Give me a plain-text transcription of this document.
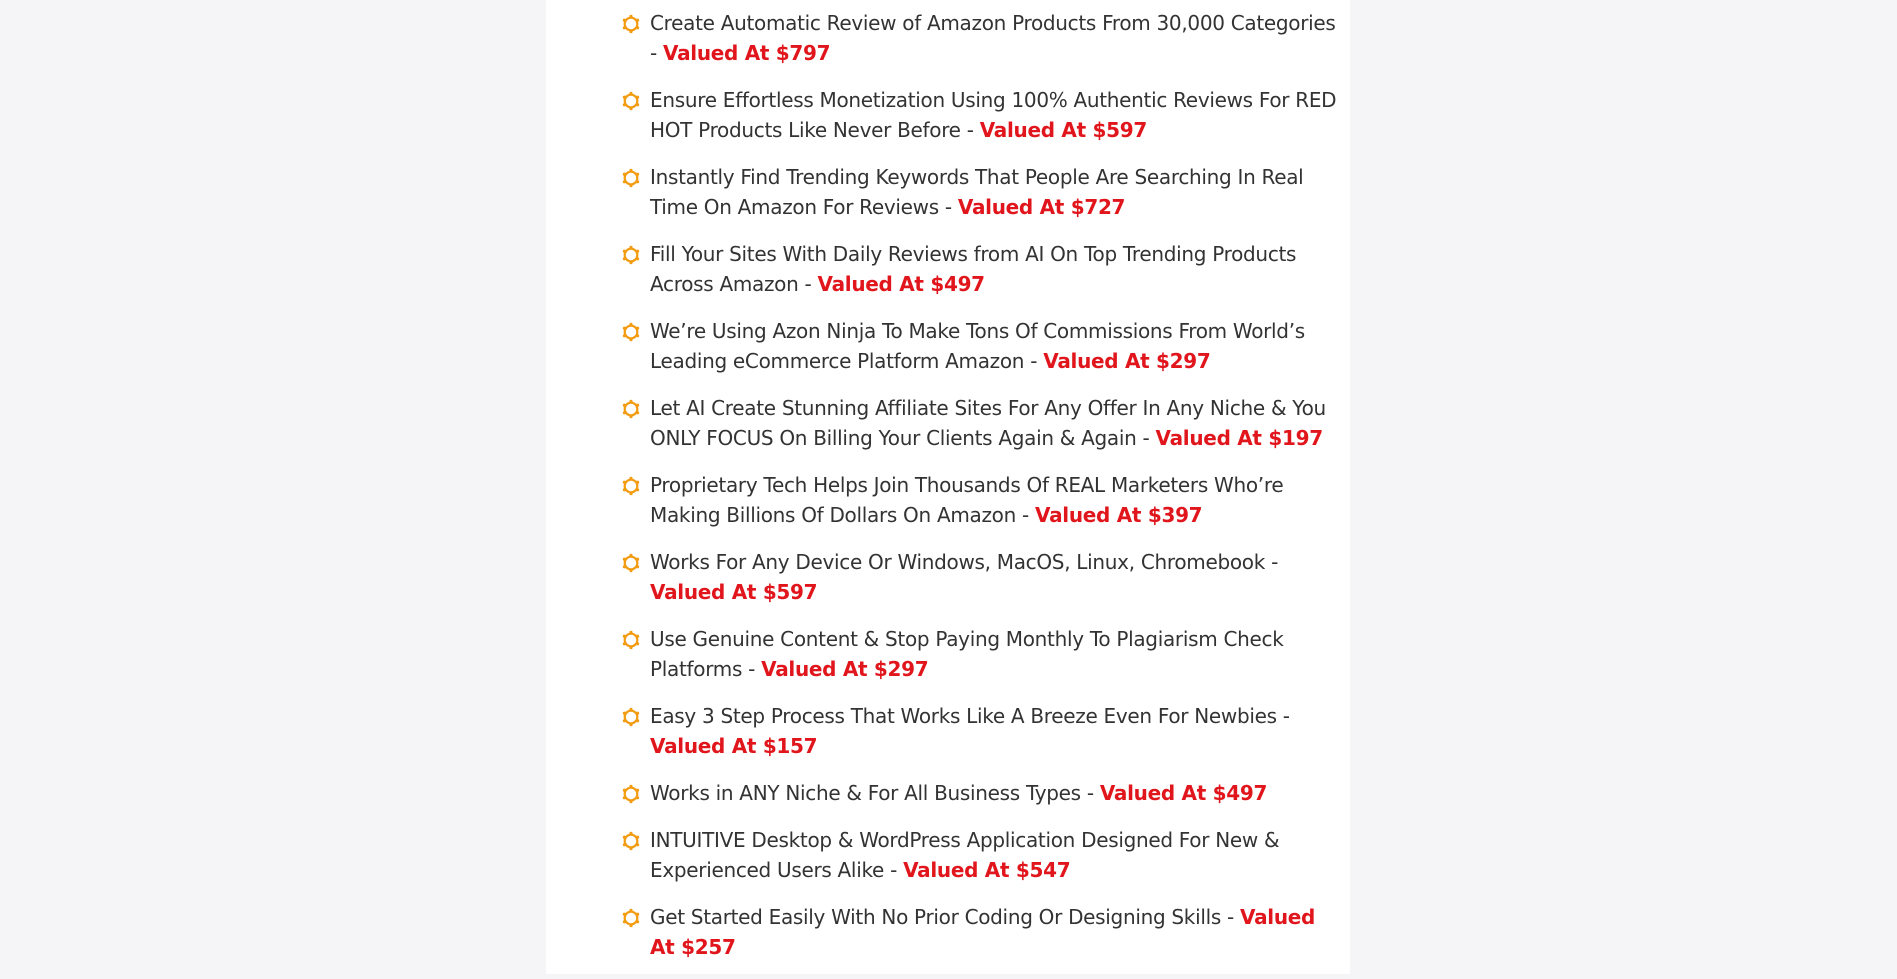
Create Automatic Review of Amazon Products From 30,000 Categories - Valued At $797
Ensure Effortless Monetization Using 100% Authentic Reviews For RED HOT Products Like Never Before - Valued At $597
Instantly Find Trending Keywords That People Are Searching In Real Time On Amazon For Reviews - Valued At $727
Fill Your Sites With Daily Reviews from AI On Top Trending Products Across Amazon - Valued At $497
We’re Using Azon Ninja To Make Tons Of Commissions From World’s Leading eCommerce Platform Amazon - Valued At $297
Let AI Create Stunning Affiliate Sites For Any Offer In Any Niche & You ONLY FOCUS On Billing Your Clients Again & Again - Valued At $197
Proprietary Tech Helps Join Thousands Of REAL Marketers Who’re Making Billions Of Dollars On Amazon - Valued At $397
Works For Any Device Or Windows, MacOS, Linux, Chromebook - Valued At $597
Use Genuine Content & Stop Paying Monthly To Plagiarism Check Platforms - Valued At $297
Easy 3 Step Process That Works Like A Breeze Even For Newbies - Valued At $157
Works in ANY Niche & For All Business Types - Valued At $497
INTUITIVE Desktop & WordPress Application Designed For New & Experienced Users Alike - Valued At $547
Get Started Easily With No Prior Coding Or Designing Skills - Valued At $257
